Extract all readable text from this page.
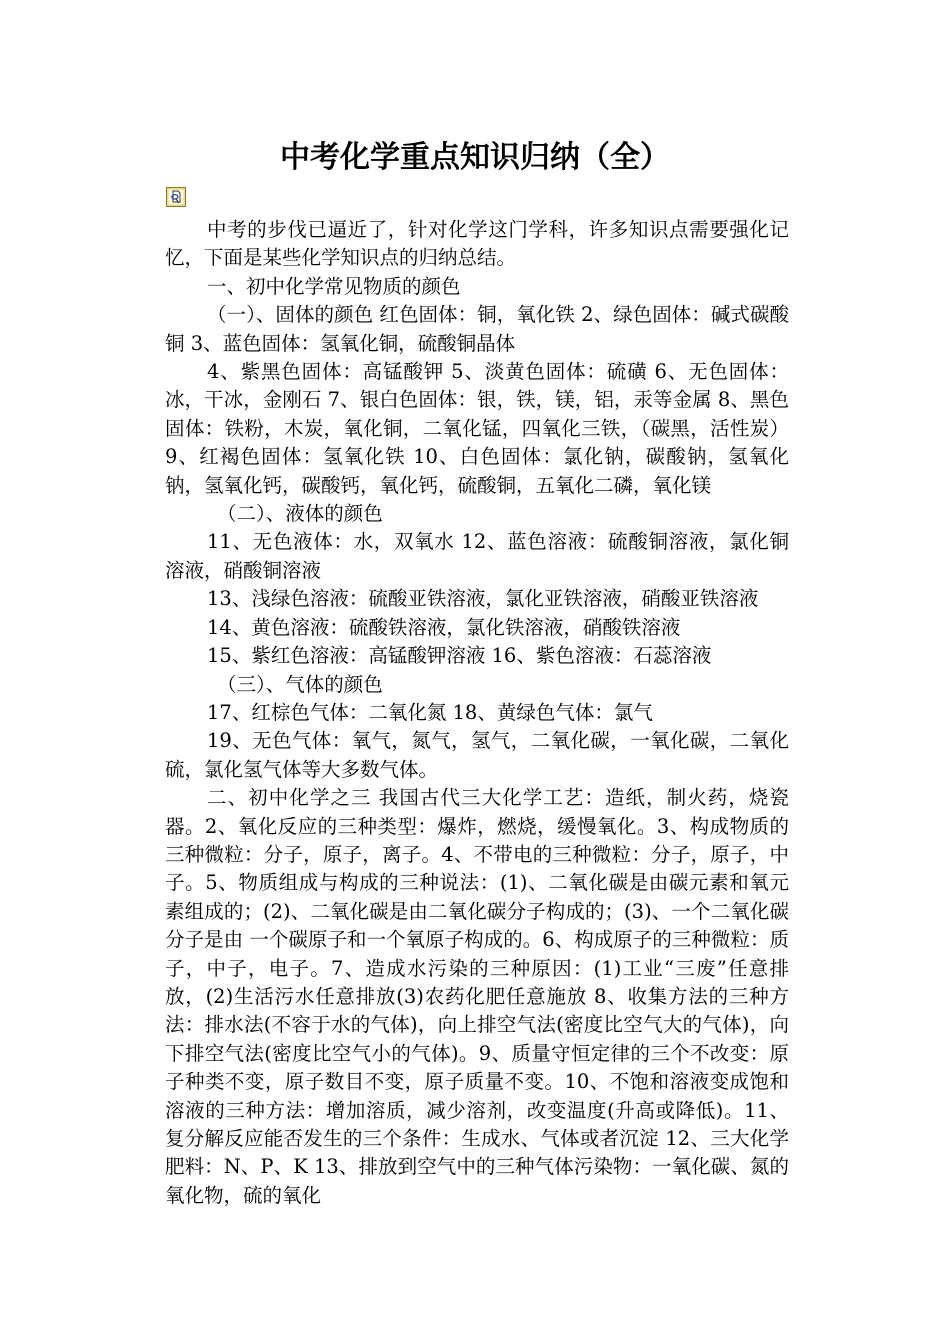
中考化学重点知识归纳（全）

中考的步伐已逼近了，针对化学这门学科，许多知识点需要强化记忆，下面是某些化学知识点的归纳总结。

一、初中化学常见物质的颜色

（一）、固体的颜色 红色固体：铜，氧化铁 2、绿色固体：碱式碳酸铜 3、蓝色固体：氢氧化铜，硫酸铜晶体

4、紫黑色固体：高锰酸钾 5、淡黄色固体：硫磺 6、无色固体：冰，干冰，金刚石 7、银白色固体：银，铁，镁，铝，汞等金属 8、黑色固体：铁粉，木炭，氧化铜，二氧化锰，四氧化三铁，（碳黑，活性炭）9、红褐色固体：氢氧化铁 10、白色固体：氯化钠，碳酸钠，氢氧化钠，氢氧化钙，碳酸钙，氧化钙，硫酸铜，五氧化二磷，氧化镁

（二）、液体的颜色

11、无色液体：水，双氧水 12、蓝色溶液：硫酸铜溶液，氯化铜溶液，硝酸铜溶液

13、浅绿色溶液：硫酸亚铁溶液，氯化亚铁溶液，硝酸亚铁溶液

14、黄色溶液：硫酸铁溶液，氯化铁溶液，硝酸铁溶液

15、紫红色溶液：高锰酸钾溶液 16、紫色溶液：石蕊溶液

（三）、气体的颜色

17、红棕色气体：二氧化氮 18、黄绿色气体：氯气

19、无色气体：氧气，氮气，氢气，二氧化碳，一氧化碳，二氧化硫，氯化氢气体等大多数气体。

二、初中化学之三 我国古代三大化学工艺：造纸，制火药，烧瓷器。2、氧化反应的三种类型：爆炸，燃烧，缓慢氧化。3、构成物质的三种微粒：分子，原子，离子。4、不带电的三种微粒：分子，原子，中子。5、物质组成与构成的三种说法：(1)、二氧化碳是由碳元素和氧元素组成的；(2)、二氧化碳是由二氧化碳分子构成的；(3)、一个二氧化碳分子是由 一个碳原子和一个氧原子构成的。6、构成原子的三种微粒：质子，中子，电子。7、造成水污染的三种原因：(1)工业“三废”任意排放，(2)生活污水任意排放(3)农药化肥任意施放 8、收集方法的三种方法：排水法(不容于水的气体)，向上排空气法(密度比空气大的气体)，向下排空气法(密度比空气小的气体)。9、质量守恒定律的三个不改变：原子种类不变，原子数目不变，原子质量不变。10、不饱和溶液变成饱和溶液的三种方法：增加溶质，减少溶剂，改变温度(升高或降低)。11、复分解反应能否发生的三个条件：生成水、气体或者沉淀 12、三大化学肥料：N、P、K 13、排放到空气中的三种气体污染物：一氧化碳、氮的氧化物，硫的氧化
